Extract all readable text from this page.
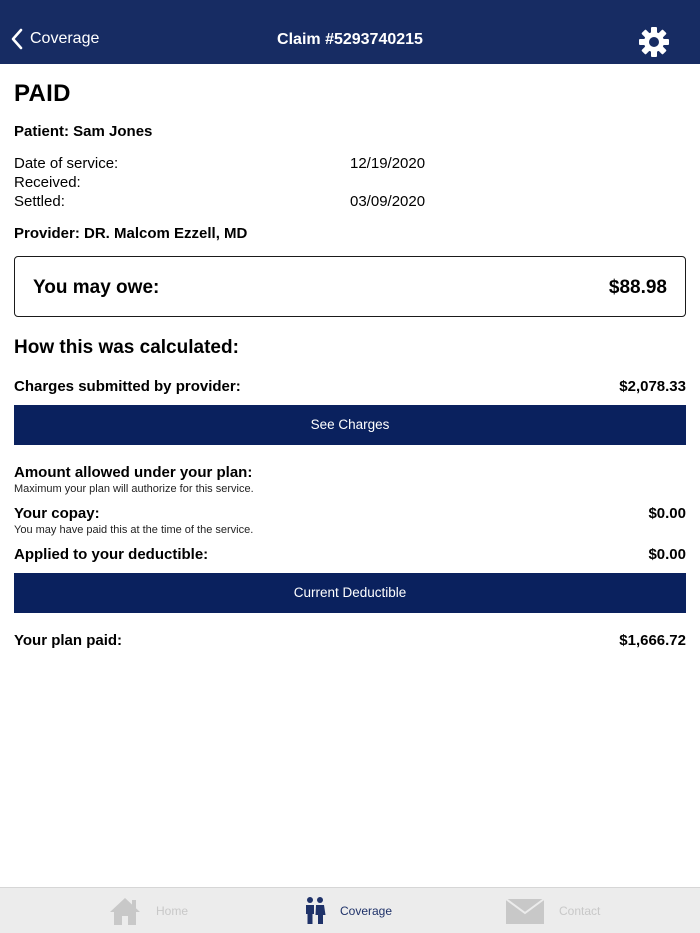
Coverage	Claim #5293740215
PAID
Patient: Sam Jones
Date of service:	12/19/2020
Received:
Settled:	03/09/2020
Provider: DR. Malcom Ezzell, MD
You may owe:	$88.98
How this was calculated:
Charges submitted by provider:	$2,078.33
See Charges
Amount allowed under your plan:
Maximum your plan will authorize for this service.
Your copay:	$0.00
You may have paid this at the time of the service.
Applied to your deductible:	$0.00
Current Deductible
Your plan paid:	$1,666.72
Home	Coverage	Contact
